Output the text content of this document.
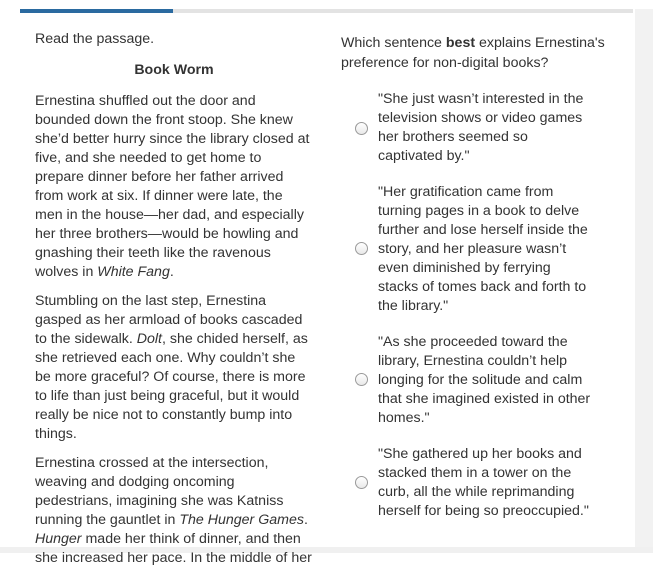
Read the passage.

Book Worm

Ernestina shuffled out the door and bounded down the front stoop. She knew she’d better hurry since the library closed at five, and she needed to get home to prepare dinner before her father arrived from work at six. If dinner were late, the men in the house—her dad, and especially her three brothers—would be howling and gnashing their teeth like the ravenous wolves in White Fang.

Stumbling on the last step, Ernestina gasped as her armload of books cascaded to the sidewalk. Dolt, she chided herself, as she retrieved each one. Why couldn’t she be more graceful? Of course, there is more to life than just being graceful, but it would really be nice not to constantly bump into things.

Ernestina crossed at the intersection, weaving and dodging oncoming pedestrians, imagining she was Katniss running the gauntlet in The Hunger Games. Hunger made her think of dinner, and then she increased her pace. In the middle of her

Which sentence best explains Ernestina's preference for non-digital books?
"She just wasn’t interested in the television shows or video games her brothers seemed so captivated by."
"Her gratification came from turning pages in a book to delve further and lose herself inside the story, and her pleasure wasn’t even diminished by ferrying stacks of tomes back and forth to the library."
"As she proceeded toward the library, Ernestina couldn’t help longing for the solitude and calm that she imagined existed in other homes."
"She gathered up her books and stacked them in a tower on the curb, all the while reprimanding herself for being so preoccupied."
